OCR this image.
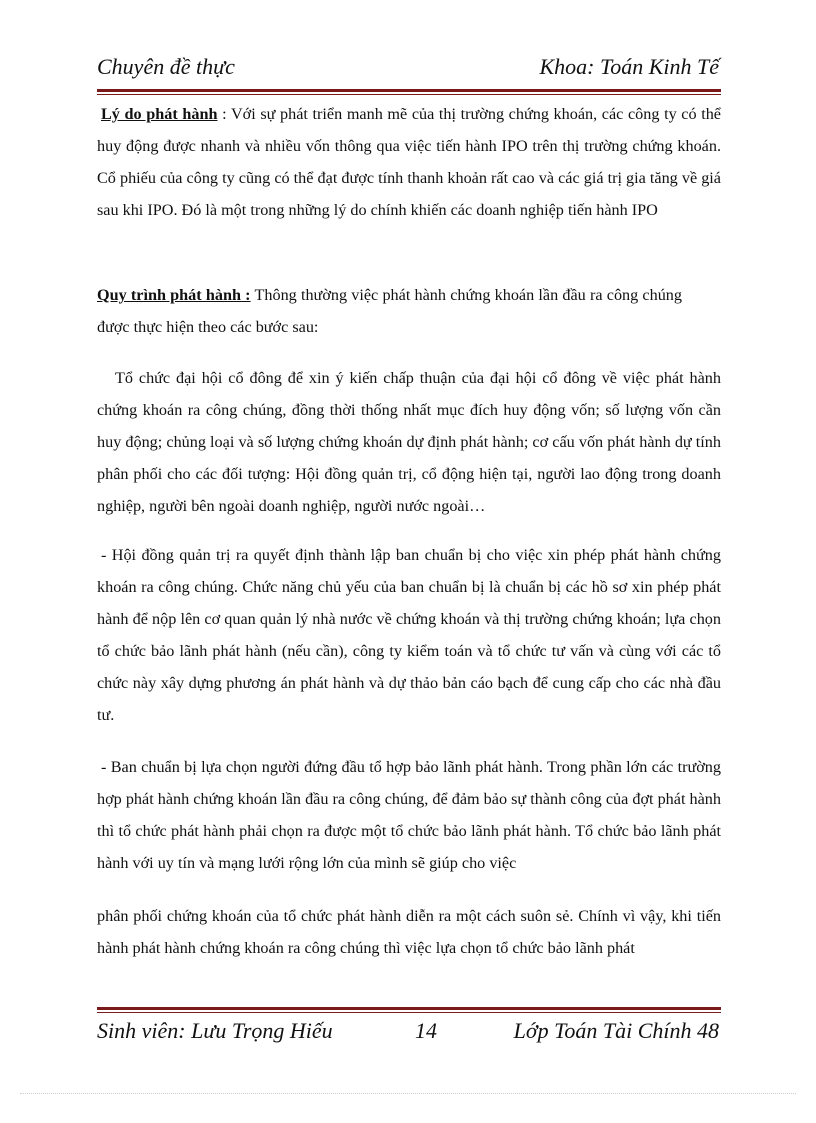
Chuyên đề thực	Khoa: Toán Kinh Tế

Lý do phát hành : Với sự phát triển manh mẽ của thị trường chứng khoán, các công ty có thể huy động được nhanh và nhiều vốn thông qua việc tiến hành IPO trên thị trường chứng khoán. Cổ phiếu của công ty cũng có thể đạt được tính thanh khoản rất cao và các giá trị gia tăng về giá sau khi IPO. Đó là một trong những lý do chính khiến các doanh nghiệp tiến hành IPO

Quy trình phát hành : Thông thường việc phát hành chứng khoán lần đầu ra công chúng được thực hiện theo các bước sau:

Tổ chức đại hội cổ đông để xin ý kiến chấp thuận của đại hội cổ đông về việc phát hành chứng khoán ra công chúng, đồng thời thống nhất mục đích huy động vốn; số lượng vốn cần huy động; chủng loại và số lượng chứng khoán dự định phát hành; cơ cấu vốn phát hành dự tính phân phối cho các đối tượng: Hội đồng quản trị, cổ động hiện tại, người lao động trong doanh nghiệp, người bên ngoài doanh nghiệp, người nước ngoài…

- Hội đồng quản trị ra quyết định thành lập ban chuẩn bị cho việc xin phép phát hành chứng khoán ra công chúng. Chức năng chủ yếu của ban chuẩn bị là chuẩn bị các hồ sơ xin phép phát hành để nộp lên cơ quan quản lý nhà nước về chứng khoán và thị trường chứng khoán; lựa chọn tổ chức bảo lãnh phát hành (nếu cần), công ty kiểm toán và tổ chức tư vấn và cùng với các tổ chức này xây dựng phương án phát hành và dự thảo bản cáo bạch để cung cấp cho các nhà đầu tư.

- Ban chuẩn bị lựa chọn người đứng đầu tổ hợp bảo lãnh phát hành. Trong phần lớn các trường hợp phát hành chứng khoán lần đầu ra công chúng, để đảm bảo sự thành công của đợt phát hành thì tổ chức phát hành phải chọn ra được một tổ chức bảo lãnh phát hành. Tổ chức bảo lãnh phát hành với uy tín và mạng lưới rộng lớn của mình sẽ giúp cho việc

phân phối chứng khoán của tổ chức phát hành diễn ra một cách suôn sẻ. Chính vì vậy, khi tiến hành phát hành chứng khoán ra công chúng thì việc lựa chọn tổ chức bảo lãnh phát

Sinh viên: Lưu Trọng Hiếu	14	Lớp Toán Tài Chính 48
